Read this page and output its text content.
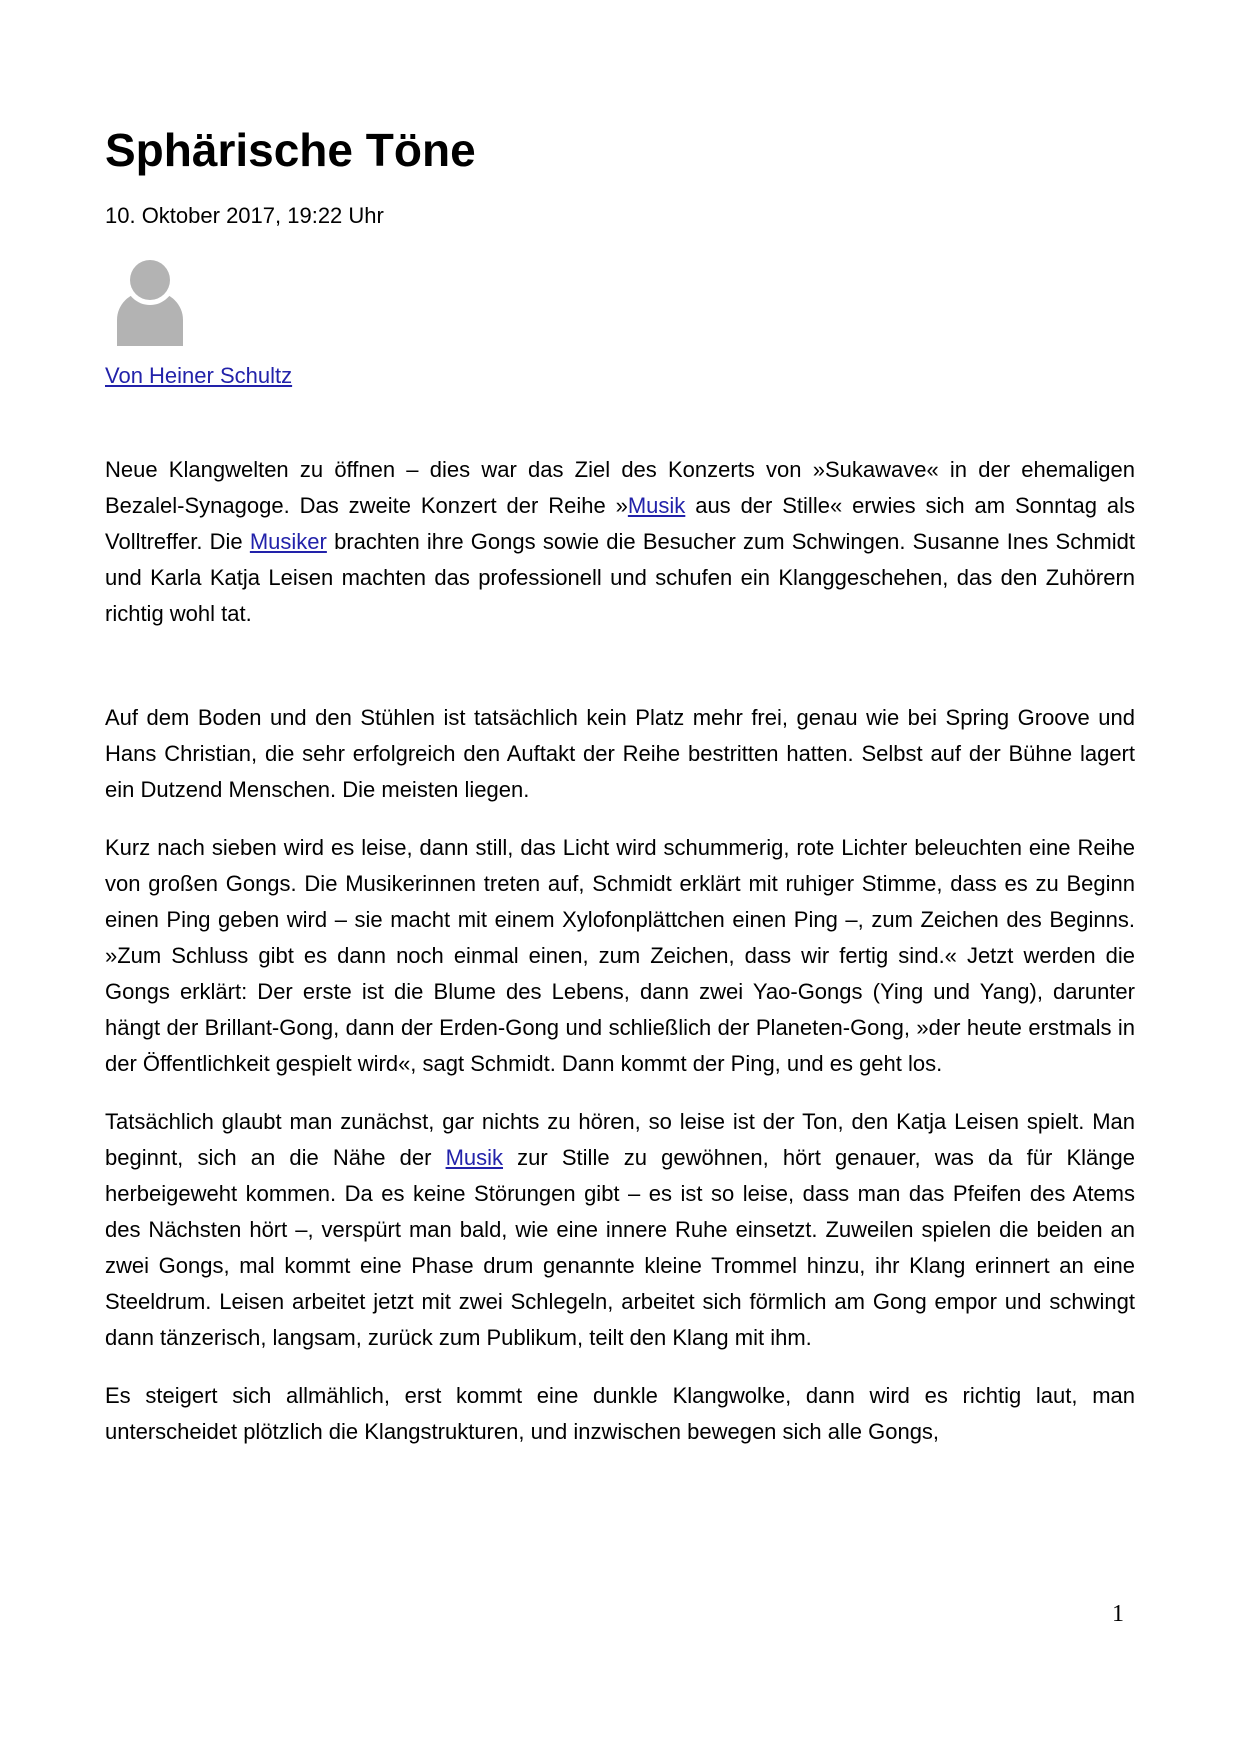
Sphärische Töne

10. Oktober 2017, 19:22 Uhr

Von Heiner Schultz

Neue Klangwelten zu öffnen – dies war das Ziel des Konzerts von »Sukawave« in der ehemaligen Bezalel-Synagoge. Das zweite Konzert der Reihe »Musik aus der Stille« erwies sich am Sonntag als Volltreffer. Die Musiker brachten ihre Gongs sowie die Besucher zum Schwingen. Susanne Ines Schmidt und Karla Katja Leisen machten das professionell und schufen ein Klanggeschehen, das den Zuhörern richtig wohl tat.

Auf dem Boden und den Stühlen ist tatsächlich kein Platz mehr frei, genau wie bei Spring Groove und Hans Christian, die sehr erfolgreich den Auftakt der Reihe bestritten hatten. Selbst auf der Bühne lagert ein Dutzend Menschen. Die meisten liegen.

Kurz nach sieben wird es leise, dann still, das Licht wird schummerig, rote Lichter beleuchten eine Reihe von großen Gongs. Die Musikerinnen treten auf, Schmidt erklärt mit ruhiger Stimme, dass es zu Beginn einen Ping geben wird – sie macht mit einem Xylofonplättchen einen Ping –, zum Zeichen des Beginns. »Zum Schluss gibt es dann noch einmal einen, zum Zeichen, dass wir fertig sind.« Jetzt werden die Gongs erklärt: Der erste ist die Blume des Lebens, dann zwei Yao-Gongs (Ying und Yang), darunter hängt der Brillant-Gong, dann der Erden-Gong und schließlich der Planeten-Gong, »der heute erstmals in der Öffentlichkeit gespielt wird«, sagt Schmidt. Dann kommt der Ping, und es geht los.

Tatsächlich glaubt man zunächst, gar nichts zu hören, so leise ist der Ton, den Katja Leisen spielt. Man beginnt, sich an die Nähe der Musik zur Stille zu gewöhnen, hört genauer, was da für Klänge herbeigeweht kommen. Da es keine Störungen gibt – es ist so leise, dass man das Pfeifen des Atems des Nächsten hört –, verspürt man bald, wie eine innere Ruhe einsetzt. Zuweilen spielen die beiden an zwei Gongs, mal kommt eine Phase drum genannte kleine Trommel hinzu, ihr Klang erinnert an eine Steeldrum. Leisen arbeitet jetzt mit zwei Schlegeln, arbeitet sich förmlich am Gong empor und schwingt dann tänzerisch, langsam, zurück zum Publikum, teilt den Klang mit ihm.

Es steigert sich allmählich, erst kommt eine dunkle Klangwolke, dann wird es richtig laut, man unterscheidet plötzlich die Klangstrukturen, und inzwischen bewegen sich alle Gongs,

1
